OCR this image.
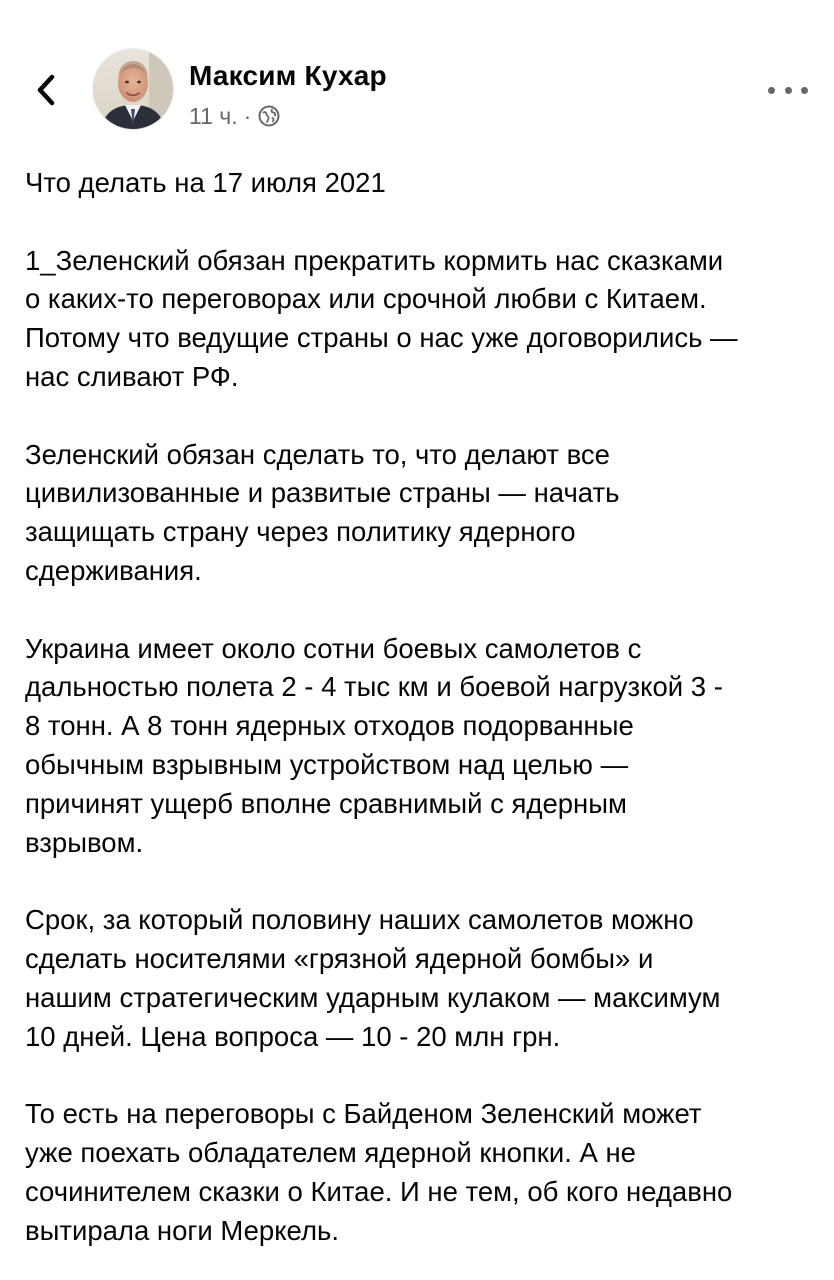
Максим Кухар
11 ч. ·

Что делать на 17 июля 2021

1_Зеленский обязан прекратить кормить нас сказками
о каких-то переговорах или срочной любви с Китаем.
Потому что ведущие страны о нас уже договорились —
нас сливают РФ.

Зеленский обязан сделать то, что делают все
цивилизованные и развитые страны — начать
защищать страну через политику ядерного
сдерживания.

Украина имеет около сотни боевых самолетов с
дальностью полета 2 - 4 тыс км и боевой нагрузкой 3 -
8 тонн. А 8 тонн ядерных отходов подорванные
обычным взрывным устройством над целью —
причинят ущерб вполне сравнимый с ядерным
взрывом.

Срок, за который половину наших самолетов можно
сделать носителями «грязной ядерной бомбы» и
нашим стратегическим ударным кулаком — максимум
10 дней. Цена вопроса — 10 - 20 млн грн.

То есть на переговоры с Байденом Зеленский может
уже поехать обладателем ядерной кнопки. А не
сочинителем сказки о Китае. И не тем, об кого недавно
вытирала ноги Меркель.
